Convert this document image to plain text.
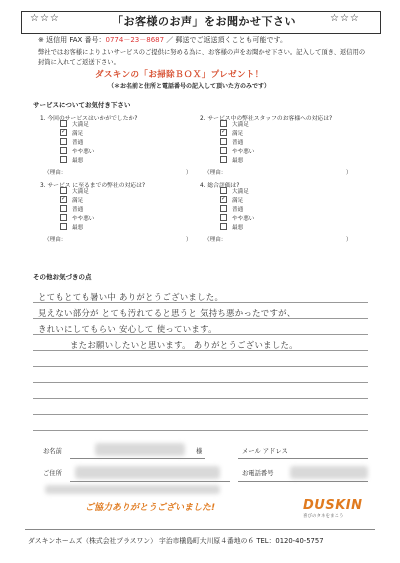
☆☆☆	「お客様のお声」をお聞かせ下さい	☆☆☆
※ 返信用 FAX 番号：0774－23－8687 ／ 郵送でご返送頂くことも可能です。
弊社ではお客様によりよいサービスのご提供に努める為に、お客様の声をお聞かせ下さい。記入して頂き、返信用の封筒に入れてご返送下さい。
ダスキンの「お掃除ＢＯＸ」プレゼント！
（＊お名前と住所と電話番号の記入して頂いた方のみです）
サービスについてお気付き下さい
1. 今回のサービスはいかがでしたか?
大満足
✓満足
普通
やや悪い
最悪
（理由：	）
2. サービス中の弊社スタッフのお客様への対応は?
大満足
✓満足
普通
やや悪い
最悪
（理由：	）
3. サービス に至るまでの弊社の対応は?
大満足
✓満足
普通
やや悪い
最悪
（理由：	）
4. 総合評価は?
大満足
✓満足
普通
やや悪い
最悪
（理由：	）
その他お気づきの点
とてもとても暑い中 ありがとうございました。
見えない部分が とても汚れてると思うと 気持ち悪かったですが、
きれいにしてもらい 安心して 使っています。
またお願いしたいと思います。 ありがとうございました。
お名前	様	メール アドレス
ご住所	お電話番号
ご協力ありがとうございました!	DUSKIN
喜びのタネをまこう
ダスキンホームズ（株式会社プラスワン） 宇治市槇島町大川原４番地の６ TEL：0120-40-5757
